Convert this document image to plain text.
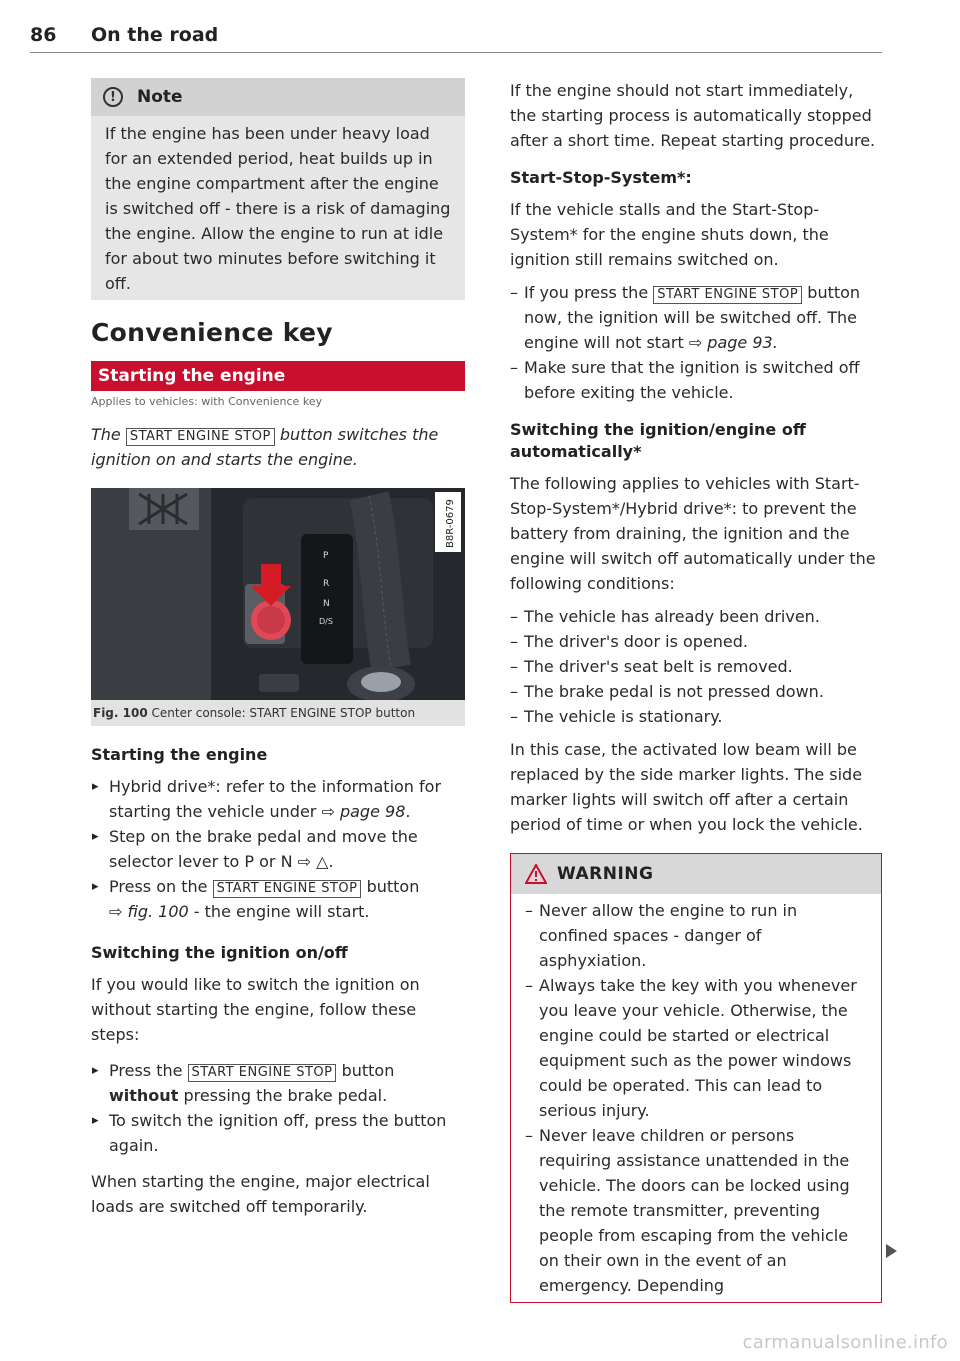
86 On the road
!	Note
If the engine has been under heavy load for an extended period, heat builds up in the engine compartment after the engine is switched off - there is a risk of damaging the engine. Allow the engine to run at idle for about two minutes before switching it off.
Convenience key
Starting the engine
Applies to vehicles: with Convenience key

The START ENGINE STOP button switches the ignition on and starts the engine.

P
R
N
D/S
B8R-0679
Fig. 100 Center console: START ENGINE STOP button
Starting the engine
▸ Hybrid drive*: refer to the information for starting the vehicle under ⇨ page 98.
▸ Step on the brake pedal and move the selector lever to P or N ⇨ △.
▸ Press on the START ENGINE STOP button
⇨ fig. 100 - the engine will start.
Switching the ignition on/off

If you would like to switch the ignition on without starting the engine, follow these steps:

▸ Press the START ENGINE STOP button
without pressing the brake pedal.
▸ To switch the ignition off, press the button again.

When starting the engine, major electrical loads are switched off temporarily.

If the engine should not start immediately, the starting process is automatically stopped after a short time. Repeat starting procedure.

Start-Stop-System*:

If the vehicle stalls and the Start-Stop-System* for the engine shuts down, the ignition still remains switched on.

– If you press the START ENGINE STOP button now, the ignition will be switched off. The engine will not start ⇨ page 93.
– Make sure that the ignition is switched off before exiting the vehicle.
Switching the ignition/engine off automatically*

The following applies to vehicles with Start-Stop-System*/Hybrid drive*: to prevent the battery from draining, the ignition and the engine will switch off automatically under the following conditions:

– The vehicle has already been driven.
– The driver's door is opened.
– The driver's seat belt is removed.
– The brake pedal is not pressed down.
– The vehicle is stationary.

In this case, the activated low beam will be replaced by the side marker lights. The side marker lights will switch off after a certain period of time or when you lock the vehicle.

WARNING
– Never allow the engine to run in confined spaces - danger of asphyxiation.
– Always take the key with you whenever you leave your vehicle. Otherwise, the engine could be started or electrical equipment such as the power windows could be operated. This can lead to serious injury.
– Never leave children or persons requiring assistance unattended in the vehicle. The doors can be locked using the remote transmitter, preventing people from escaping from the vehicle on their own in the event of an emergency. Depending
carmanualsonline.info
